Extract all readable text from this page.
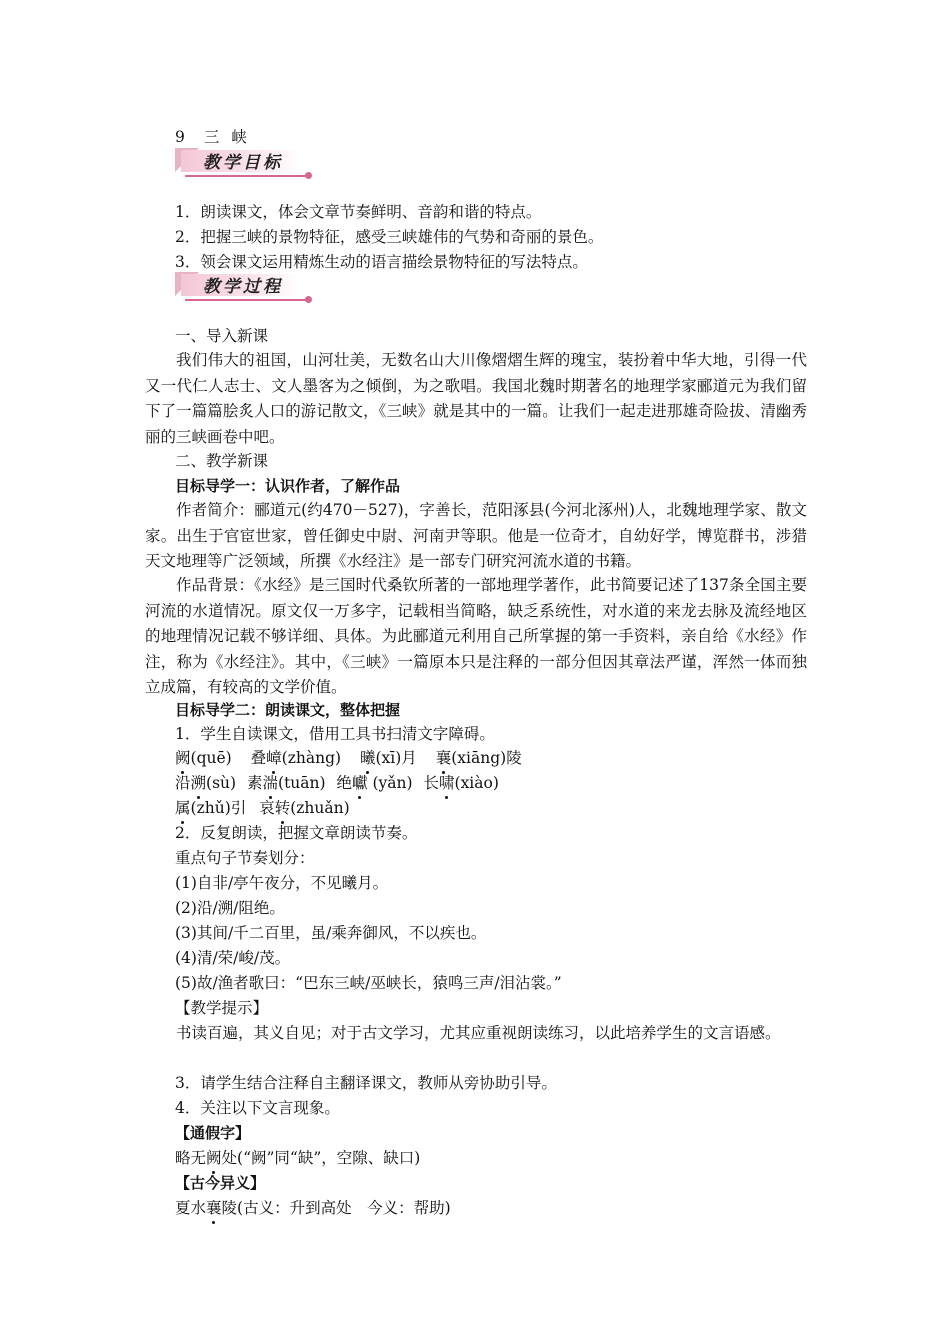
9 三峡
教学目标
1．朗读课文，体会文章节奏鲜明、音韵和谐的特点。
2．把握三峡的景物特征，感受三峡雄伟的气势和奇丽的景色。
3．领会课文运用精炼生动的语言描绘景物特征的写法特点。
教学过程
一、导入新课
我们伟大的祖国，山河壮美，无数名山大川像熠熠生辉的瑰宝，装扮着中华大地，引得一代又一代仁人志士、文人墨客为之倾倒，为之歌唱。我国北魏时期著名的地理学家郦道元为我们留下了一篇篇脍炙人口的游记散文，《三峡》就是其中的一篇。让我们一起走进那雄奇险拔、清幽秀丽的三峡画卷中吧。
二、教学新课
目标导学一：认识作者，了解作品
作者简介：郦道元(约470－527)，字善长，范阳涿县(今河北涿州)人，北魏地理学家、散文家。出生于官宦世家，曾任御史中尉、河南尹等职。他是一位奇才，自幼好学，博览群书，涉猎天文地理等广泛领域，所撰《水经注》是一部专门研究河流水道的书籍。
作品背景：《水经》是三国时代桑钦所著的一部地理学著作，此书简要记述了137条全国主要河流的水道情况。原文仅一万多字，记载相当简略，缺乏系统性，对水道的来龙去脉及流经地区的地理情况记载不够详细、具体。为此郦道元利用自己所掌握的第一手资料，亲自给《水经》作注，称为《水经注》。其中，《三峡》一篇原本只是注释的一部分但因其章法严谨，浑然一体而独立成篇，有较高的文学价值。
目标导学二：朗读课文，整体把握
1．学生自读课文，借用工具书扫清文字障碍。
阙(quē) 叠嶂(zhàng) 曦(xī)月 襄(xiāng)陵
沿溯(sù) 素湍(tuān) 绝巘 (yǎn) 长啸(xiào)
属(zhǔ)引 哀转(zhuǎn)
2．反复朗读，把握文章朗读节奏。
重点句子节奏划分：
(1)自非/亭午夜分，不见曦月。
(2)沿/溯/阻绝。
(3)其间/千二百里，虽/乘奔御风，不以疾也。
(4)清/荣/峻/茂。
(5)故/渔者歌曰：“巴东三峡/巫峡长，猿鸣三声/泪沾裳。”
【教学提示】
书读百遍，其义自见；对于古文学习，尤其应重视朗读练习，以此培养学生的文言语感。
3．请学生结合注释自主翻译课文，教师从旁协助引导。
4．关注以下文言现象。
【通假字】
略无阙处(“阙”同“缺”，空隙、缺口)
【古今异义】
夏水襄陵(古义：升到高处　今义：帮助)
